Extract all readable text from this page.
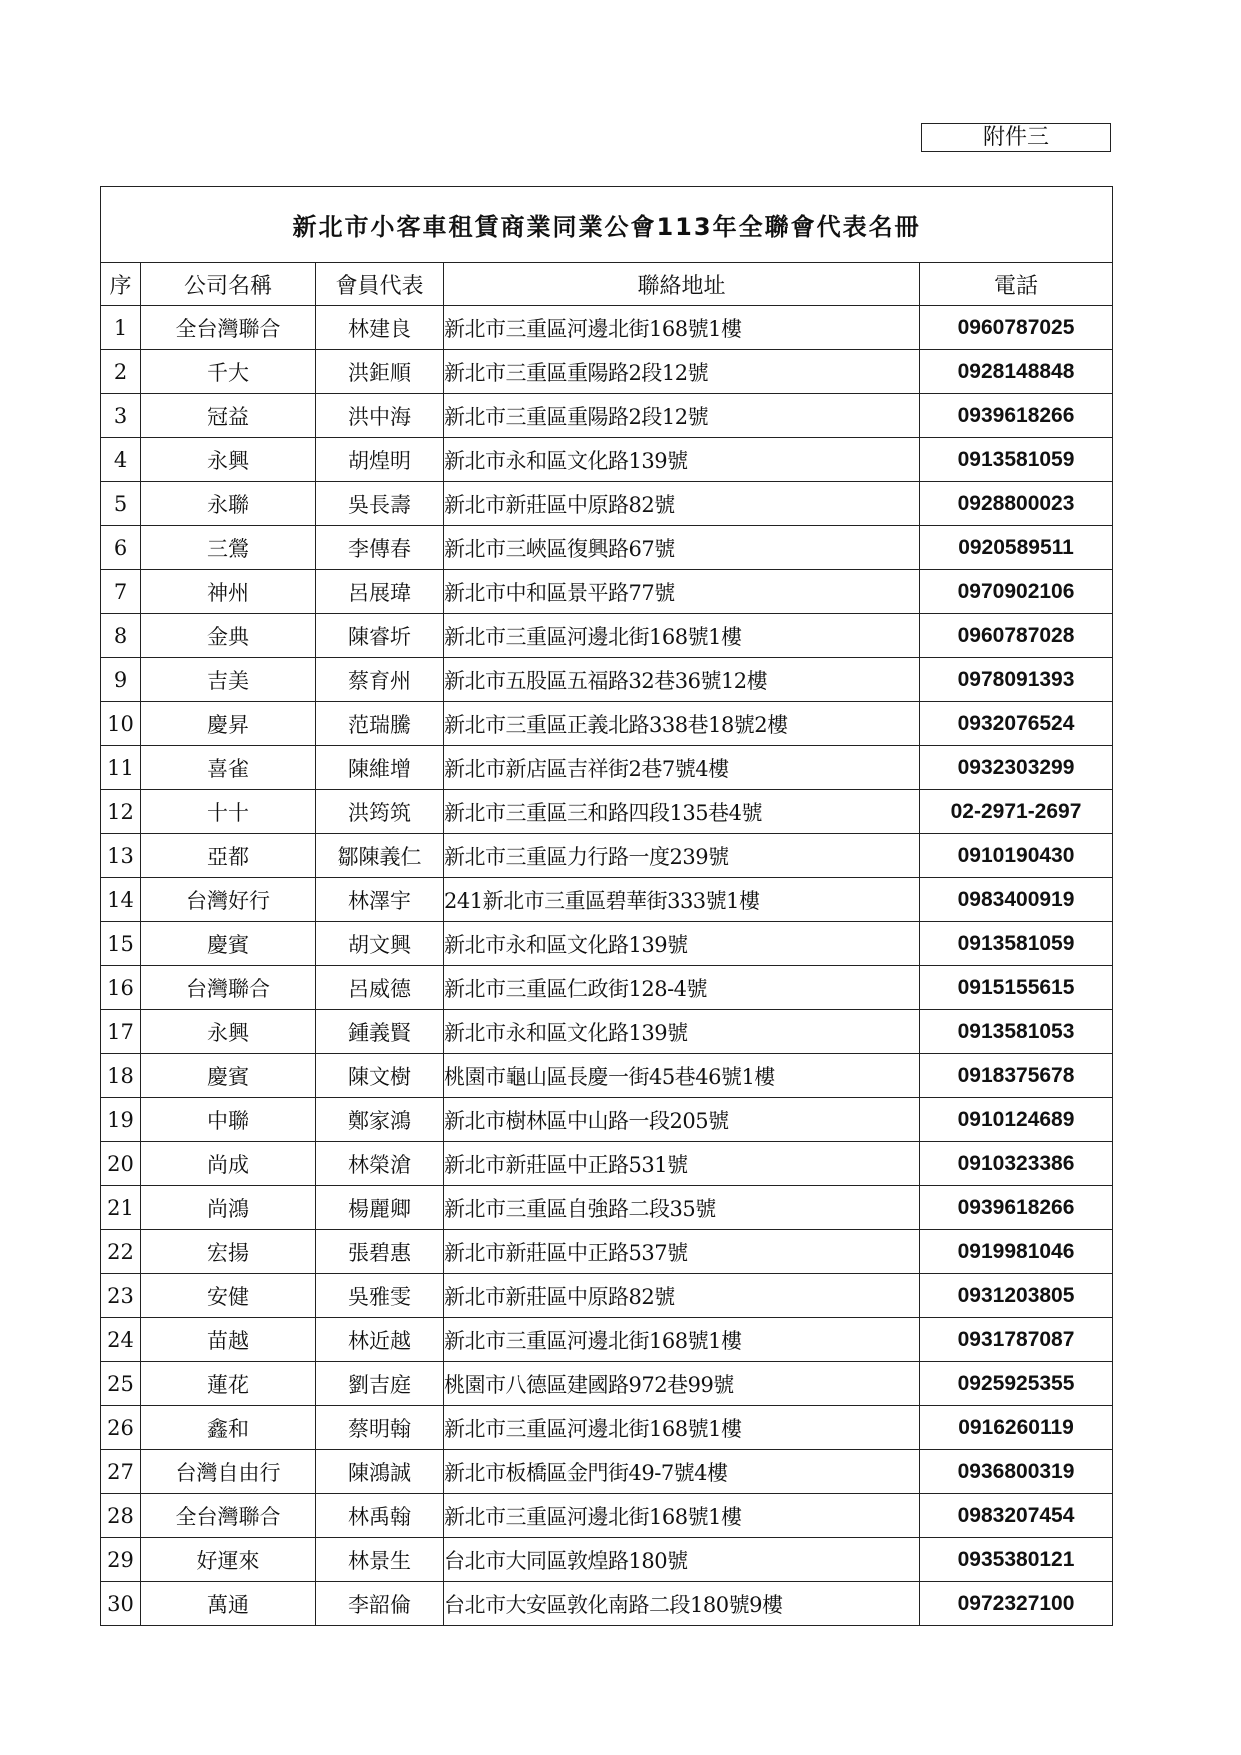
附件三
新北市小客車租賃商業同業公會113年全聯會代表名冊				
序	公司名稱	會員代表	聯絡地址	電話
1	全台灣聯合	林建良	新北市三重區河邊北街168號1樓	0960787025
2	千大	洪鉅順	新北市三重區重陽路2段12號	0928148848
3	冠益	洪中海	新北市三重區重陽路2段12號	0939618266
4	永興	胡煌明	新北市永和區文化路139號	0913581059
5	永聯	吳長壽	新北市新莊區中原路82號	0928800023
6	三鶯	李傳春	新北市三峽區復興路67號	0920589511
7	神州	呂展瑋	新北市中和區景平路77號	0970902106
8	金典	陳睿圻	新北市三重區河邊北街168號1樓	0960787028
9	吉美	蔡育州	新北市五股區五福路32巷36號12樓	0978091393
10	慶昇	范瑞騰	新北市三重區正義北路338巷18號2樓	0932076524
11	喜雀	陳維增	新北市新店區吉祥街2巷7號4樓	0932303299
12	十十	洪筠筑	新北市三重區三和路四段135巷4號	02-2971-2697
13	亞都	鄒陳義仁	新北市三重區力行路一度239號	0910190430
14	台灣好行	林澤宇	241新北市三重區碧華街333號1樓	0983400919
15	慶賓	胡文興	新北市永和區文化路139號	0913581059
16	台灣聯合	呂威德	新北市三重區仁政街128-4號	0915155615
17	永興	鍾義賢	新北市永和區文化路139號	0913581053
18	慶賓	陳文樹	桃園市龜山區長慶一街45巷46號1樓	0918375678
19	中聯	鄭家鴻	新北市樹林區中山路一段205號	0910124689
20	尚成	林榮滄	新北市新莊區中正路531號	0910323386
21	尚鴻	楊麗卿	新北市三重區自強路二段35號	0939618266
22	宏揚	張碧惠	新北市新莊區中正路537號	0919981046
23	安健	吳雅雯	新北市新莊區中原路82號	0931203805
24	苗越	林近越	新北市三重區河邊北街168號1樓	0931787087
25	蓮花	劉吉庭	桃園市八德區建國路972巷99號	0925925355
26	鑫和	蔡明翰	新北市三重區河邊北街168號1樓	0916260119
27	台灣自由行	陳鴻誠	新北市板橋區金門街49-7號4樓	0936800319
28	全台灣聯合	林禹翰	新北市三重區河邊北街168號1樓	0983207454
29	好運來	林景生	台北市大同區敦煌路180號	0935380121
30	萬通	李韶倫	台北市大安區敦化南路二段180號9樓	0972327100
